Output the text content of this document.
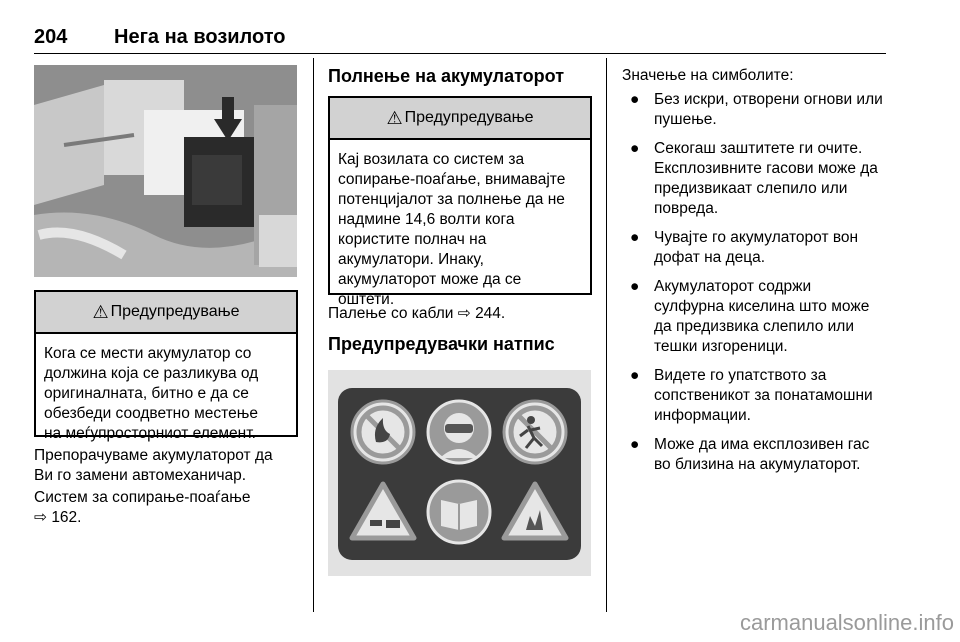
204 Нега на возилото
⚠ Предупредување
Кога се мести акумулатор со
должина која се разликува од
оригиналната, битно е да се
обезбеди соодветно местење
на меѓупросторниот елемент.
Препорачуваме акумулаторот да
Ви го замени автомеханичар.
Систем за сопирање-поаѓање
⇨ 162.
Полнење на акумулаторот
⚠ Предупредување
Кај возилата со систем за
сопирање-поаѓање, внимавајте
потенцијалот за полнење да не
надмине 14,6 волти кога
користите полнач на
акумулатори. Инаку,
акумулаторот може да се
оштети.
Палење со кабли ⇨ 244.
Предупредувачки натпис
Значење на симболите:
● Без искри, отворени огнови или
пушење.
● Секогаш заштитете ги очите.
Експлозивните гасови може да
предизвикаат слепило или
повреда.
● Чувајте го акумулаторот вон
дофат на деца.
● Акумулаторот содржи
сулфурна киселина што може
да предизвика слепило или
тешки изгореници.
● Видете го упатството за
сопственикот за понатамошни
информации.
● Може да има експлозивен гас
во близина на акумулаторот.
carmanualsonline.info
